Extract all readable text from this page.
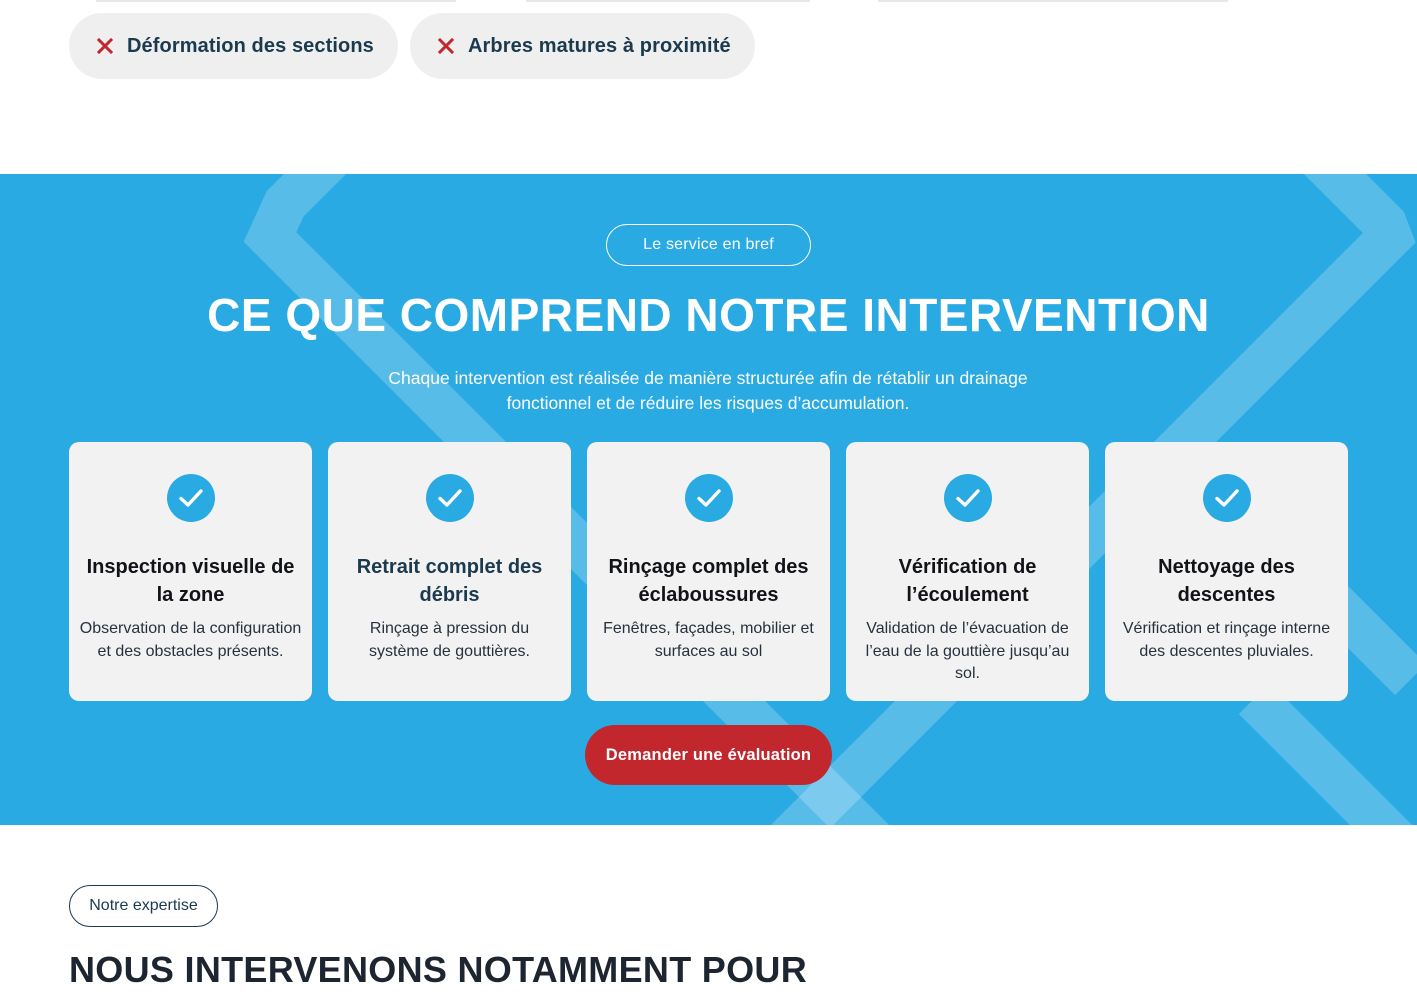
Déformation des sections	Arbres matures à proximité
Le service en bref
CE QUE COMPREND NOTRE INTERVENTION

Chaque intervention est réalisée de manière structurée afin de rétablir un drainage fonctionnel et de réduire les risques d’accumulation.

Inspection visuelle de la zone

Observation de la configuration et des obstacles présents.

Retrait complet des débris

Rinçage à pression du système de gouttières.

Rinçage complet des éclaboussures

Fenêtres, façades, mobilier et surfaces au sol

Vérification de l’écoulement

Validation de l’évacuation de l’eau de la gouttière jusqu’au sol.

Nettoyage des descentes

Vérification et rinçage interne des descentes pluviales.

Demander une évaluation
Notre expertise
NOUS INTERVENONS NOTAMMENT POUR
